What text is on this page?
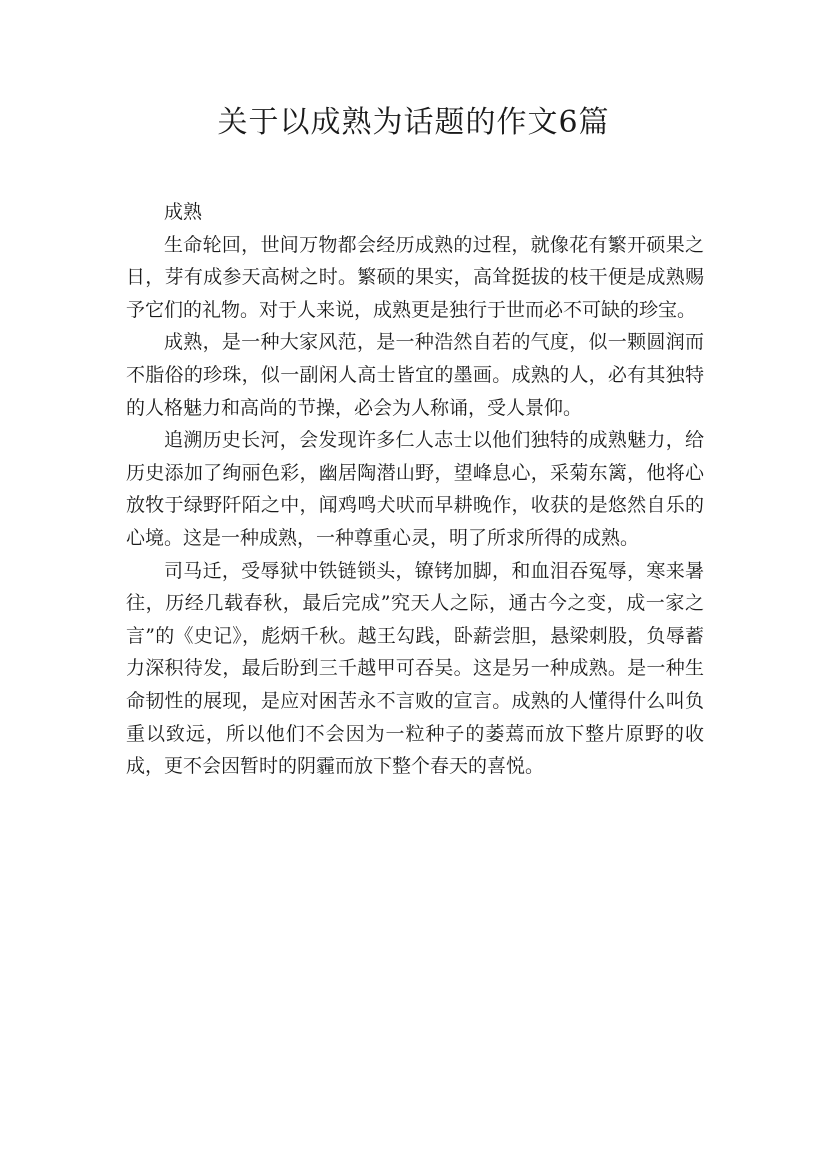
关于以成熟为话题的作文6篇

成熟

生命轮回，世间万物都会经历成熟的过程，就像花有繁开硕果之日，芽有成参天高树之时。繁硕的果实，高耸挺拔的枝干便是成熟赐予它们的礼物。对于人来说，成熟更是独行于世而必不可缺的珍宝。

成熟，是一种大家风范，是一种浩然自若的气度，似一颗圆润而不脂俗的珍珠，似一副闲人高士皆宜的墨画。成熟的人，必有其独特的人格魅力和高尚的节操，必会为人称诵，受人景仰。

追溯历史长河，会发现许多仁人志士以他们独特的成熟魅力，给历史添加了绚丽色彩，幽居陶潜山野，望峰息心，采菊东篱，他将心放牧于绿野阡陌之中，闻鸡鸣犬吠而早耕晚作，收获的是悠然自乐的心境。这是一种成熟，一种尊重心灵，明了所求所得的成熟。

司马迁，受辱狱中铁链锁头，镣铐加脚，和血泪吞冤辱，寒来暑往，历经几载春秋，最后完成”究天人之际，通古今之变，成一家之言”的《史记》，彪炳千秋。越王勾践，卧薪尝胆，悬梁刺股，负辱蓄力深积待发，最后盼到三千越甲可吞吴。这是另一种成熟。是一种生命韧性的展现，是应对困苦永不言败的宣言。成熟的人懂得什么叫负重以致远，所以他们不会因为一粒种子的萎蔫而放下整片原野的收成，更不会因暂时的阴霾而放下整个春天的喜悦。
